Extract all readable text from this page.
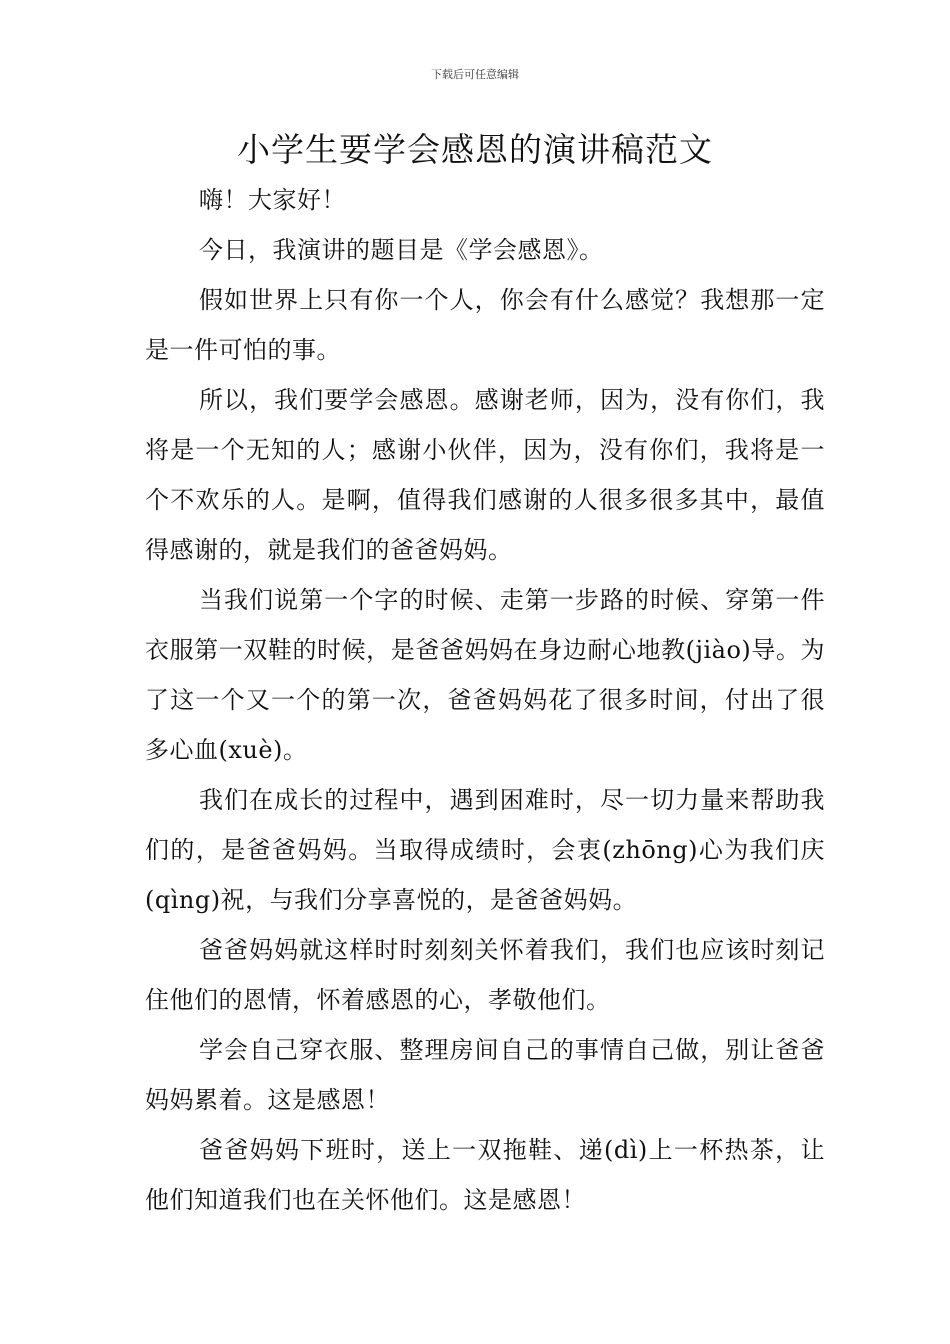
下载后可任意编辑
小学生要学会感恩的演讲稿范文

嗨！大家好！

今日，我演讲的题目是《学会感恩》。

假如世界上只有你一个人，你会有什么感觉？我想那一定是一件可怕的事。

所以，我们要学会感恩。感谢老师，因为，没有你们，我将是一个无知的人；感谢小伙伴，因为，没有你们，我将是一个不欢乐的人。是啊，值得我们感谢的人很多很多其中，最值得感谢的，就是我们的爸爸妈妈。

当我们说第一个字的时候、走第一步路的时候、穿第一件衣服第一双鞋的时候，是爸爸妈妈在身边耐心地教(jiào)导。为了这一个又一个的第一次，爸爸妈妈花了很多时间，付出了很多心血(xuè)。

我们在成长的过程中，遇到困难时，尽一切力量来帮助我们的，是爸爸妈妈。当取得成绩时，会衷(zhōng)心为我们庆(qìng)祝，与我们分享喜悦的，是爸爸妈妈。

爸爸妈妈就这样时时刻刻关怀着我们，我们也应该时刻记住他们的恩情，怀着感恩的心，孝敬他们。

学会自己穿衣服、整理房间自己的事情自己做，别让爸爸妈妈累着。这是感恩！

爸爸妈妈下班时，送上一双拖鞋、递(dì)上一杯热茶，让他们知道我们也在关怀他们。这是感恩！
